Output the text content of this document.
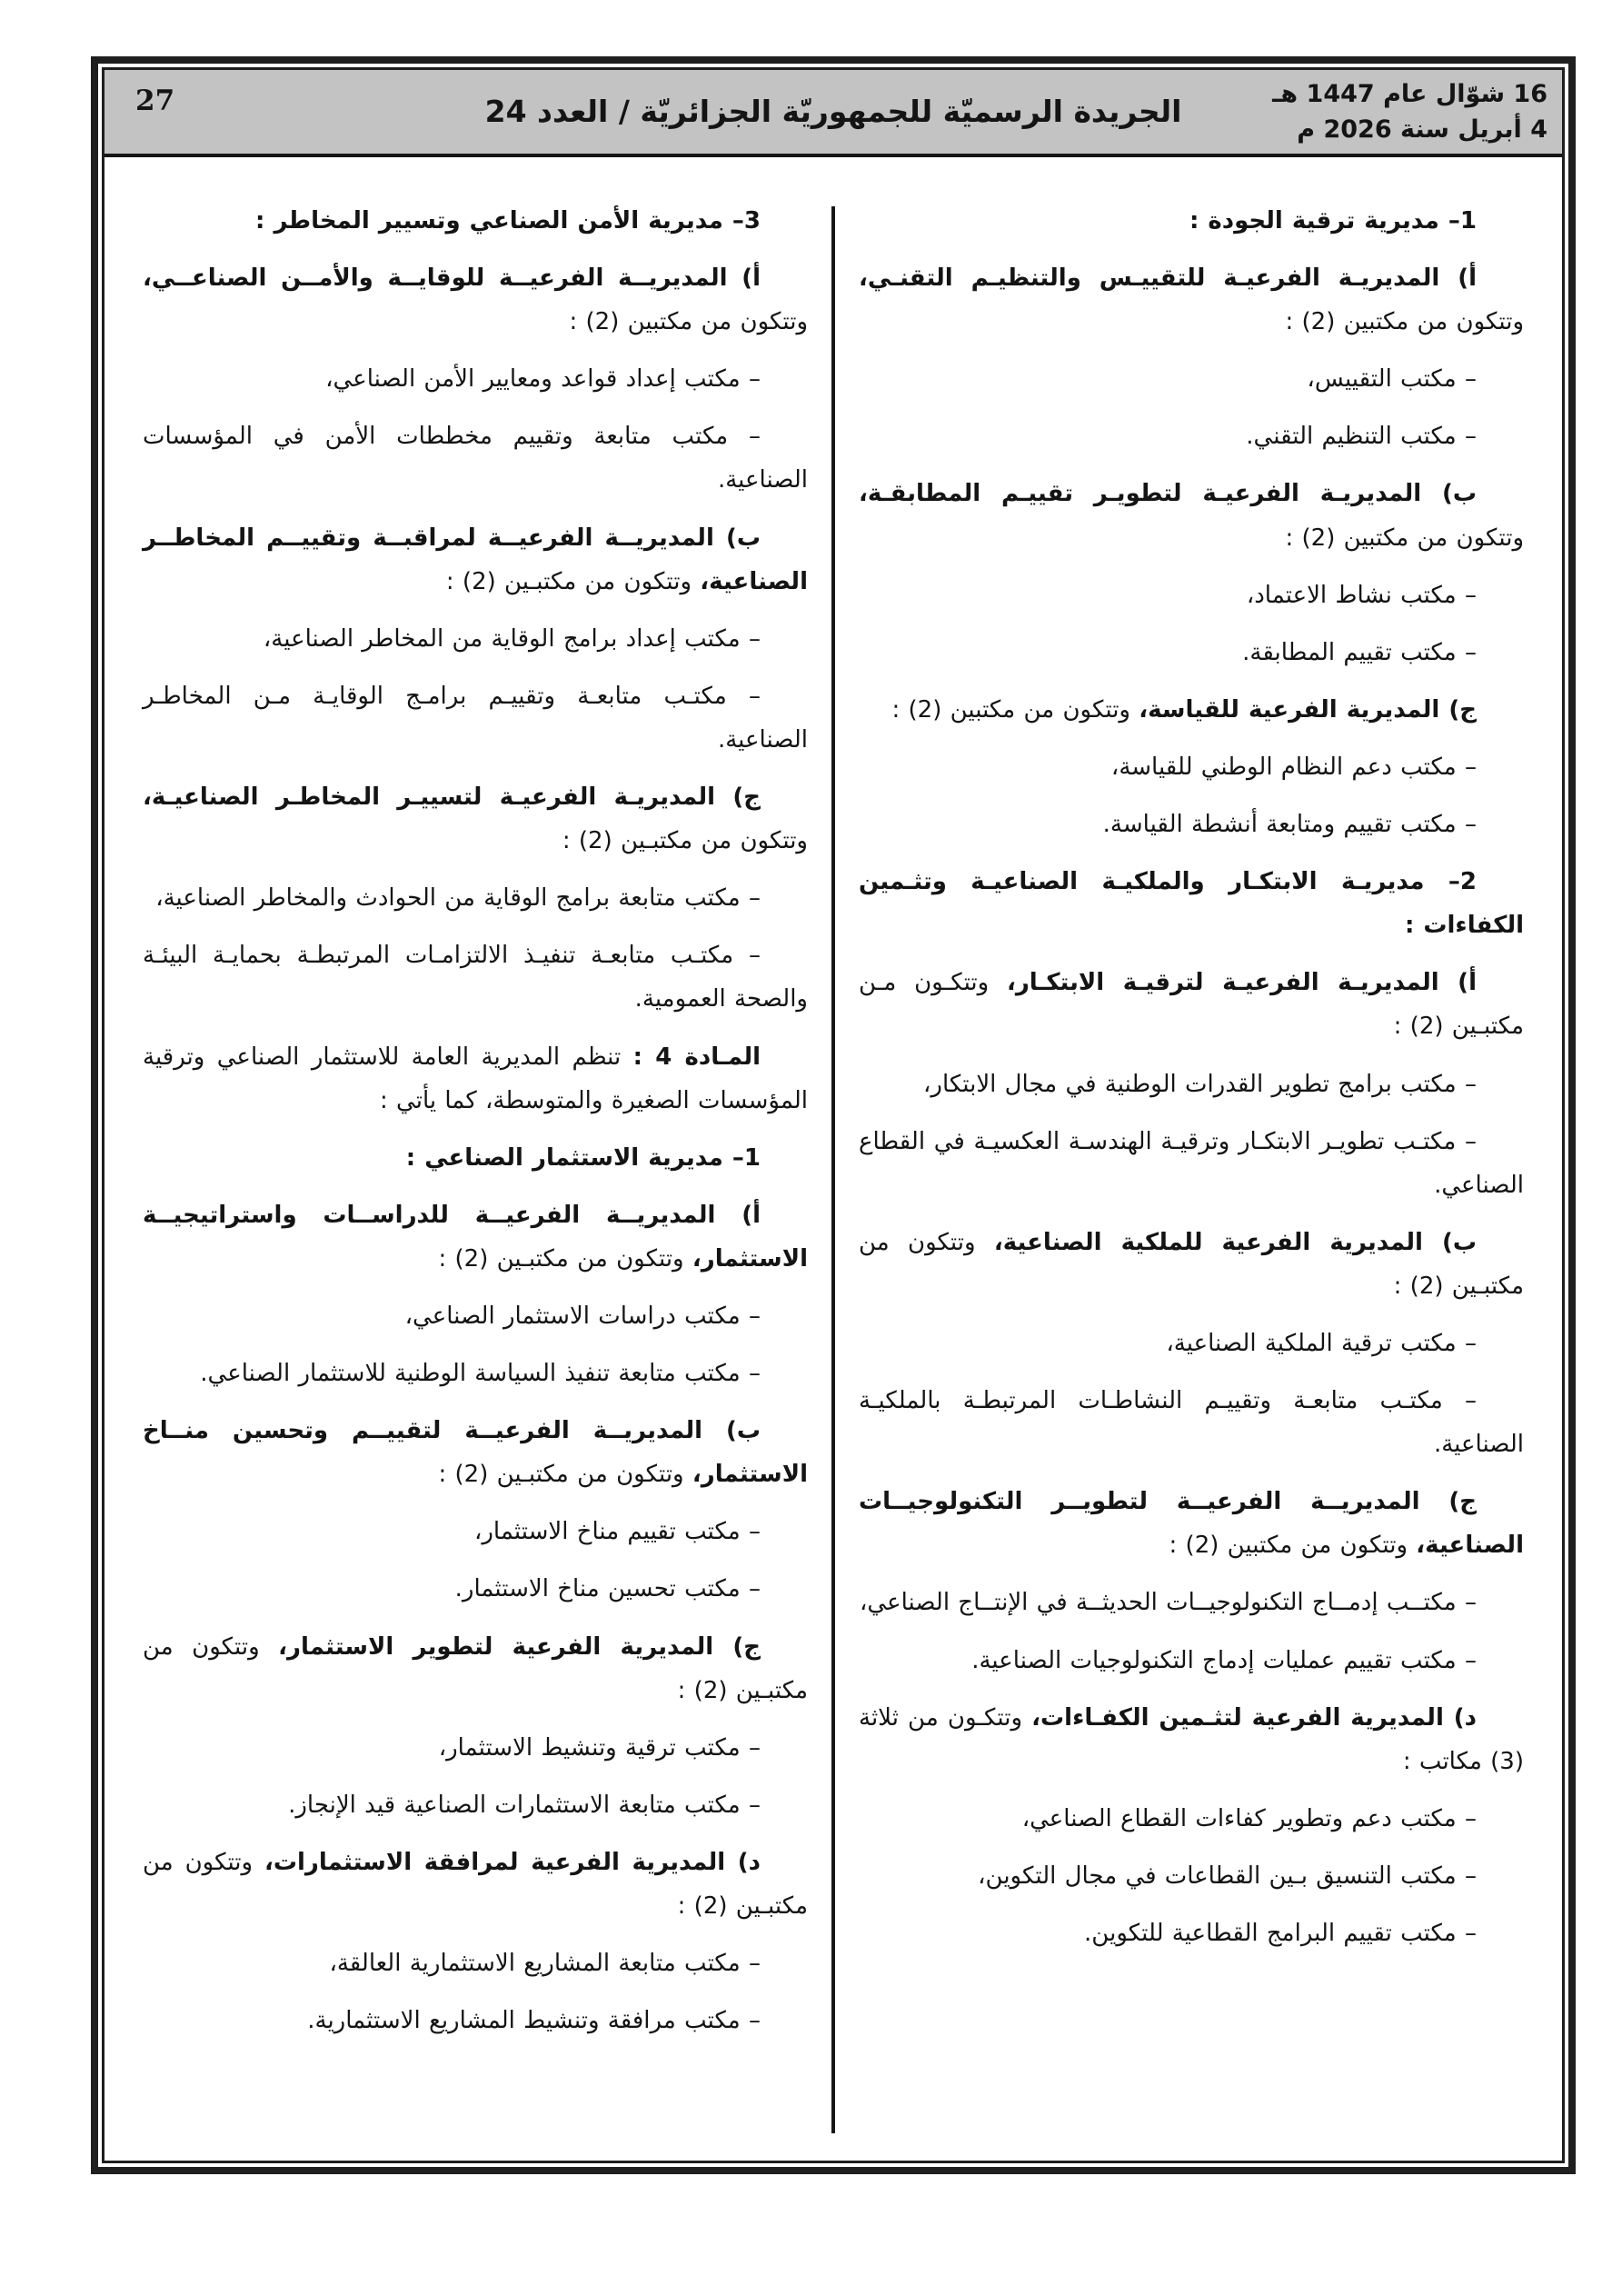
27	الجريدة الرسميّة للجمهوريّة الجزائريّة / العدد 24	16 شوّال عام 1447 هـ
4 أبريل سنة 2026 م

1– مديرية ترقية الجودة :

أ) المديريـة الفرعيـة للتقييـس والتنظيـم التقنـي، وتتكون من مكتبين (2) :

– مكتب التقييس،

– مكتب التنظيم التقني.

ب) المديريـة الفرعيـة لتطويـر تقييـم المطابقـة، وتتكون من مكتبين (2) :

– مكتب نشاط الاعتماد،

– مكتب تقييم المطابقة.

ج) المديرية الفرعية للقياسة، وتتكون من مكتبين (2) :

– مكتب دعم النظام الوطني للقياسة،

– مكتب تقييم ومتابعة أنشطة القياسة.

2– مديريـة الابتكـار والملكيـة الصناعيـة وتثـمين الكفاءات :

أ) المديريـة الفرعيـة لترقيـة الابتكـار، وتتكـون مـن مكتبـين (2) :

– مكتب برامج تطوير القدرات الوطنية في مجال الابتكار،

– مكتـب تطويـر الابتكـار وترقيـة الهندسـة العكسيـة في القطاع الصناعي.

ب) المديرية الفرعية للملكية الصناعية، وتتكون من مكتبـين (2) :

– مكتب ترقية الملكية الصناعية،

– مكتـب متابعـة وتقييـم النشاطـات المرتبطـة بالملكيـة الصناعية.

ج) المديريــة الفرعيــة لتطويــر التكنولوجيــات الصناعية، وتتكون من مكتبين (2) :

– مكتــب إدمــاج التكنولوجيــات الحديثــة في الإنتــاج الصناعي،

– مكتب تقييم عمليات إدماج التكنولوجيات الصناعية.

د) المديرية الفرعية لتثـمين الكفـاءات، وتتكـون من ثلاثة (3) مكاتب :

– مكتب دعم وتطوير كفاءات القطاع الصناعي،

– مكتب التنسيق بـين القطاعات في مجال التكوين،

– مكتب تقييم البرامج القطاعية للتكوين.

3– مديرية الأمن الصناعي وتسيير المخاطر :

أ) المديريــة الفرعيــة للوقايــة والأمــن الصناعــي، وتتكون من مكتبين (2) :

– مكتب إعداد قواعد ومعايير الأمن الصناعي،

– مكتب متابعة وتقييم مخططات الأمن في المؤسسات الصناعية.

ب) المديريــة الفرعيــة لمراقبــة وتقييــم المخاطــر الصناعية، وتتكون من مكتبـين (2) :

– مكتب إعداد برامج الوقاية من المخاطر الصناعية،

– مكتـب متابعـة وتقييـم برامـج الوقايـة مـن المخاطـر الصناعية.

ج) المديريـة الفرعيـة لتسييـر المخاطـر الصناعيـة، وتتكون من مكتبـين (2) :

– مكتب متابعة برامج الوقاية من الحوادث والمخاطر الصناعية،

– مكتـب متابعـة تنفيـذ الالتزامـات المرتبطـة بحمايـة البيئـة والصحة العمومية.

المـادة 4 : تنظم المديرية العامة للاستثمار الصناعي وترقية المؤسسات الصغيرة والمتوسطة، كما يأتي :

1– مديرية الاستثمار الصناعي :

أ) المديريــة الفرعيــة للدراســات واستراتيجيــة الاستثمار، وتتكون من مكتبـين (2) :

– مكتب دراسات الاستثمار الصناعي،

– مكتب متابعة تنفيذ السياسة الوطنية للاستثمار الصناعي.

ب) المديريــة الفرعيــة لتقييــم وتحسين منــاخ الاستثمار، وتتكون من مكتبـين (2) :

– مكتب تقييم مناخ الاستثمار،

– مكتب تحسين مناخ الاستثمار.

ج) المديرية الفرعية لتطوير الاستثمار، وتتكون من مكتبـين (2) :

– مكتب ترقية وتنشيط الاستثمار،

– مكتب متابعة الاستثمارات الصناعية قيد الإنجاز.

د) المديرية الفرعية لمرافقة الاستثمارات، وتتكون من مكتبـين (2) :

– مكتب متابعة المشاريع الاستثمارية العالقة،

– مكتب مرافقة وتنشيط المشاريع الاستثمارية.
